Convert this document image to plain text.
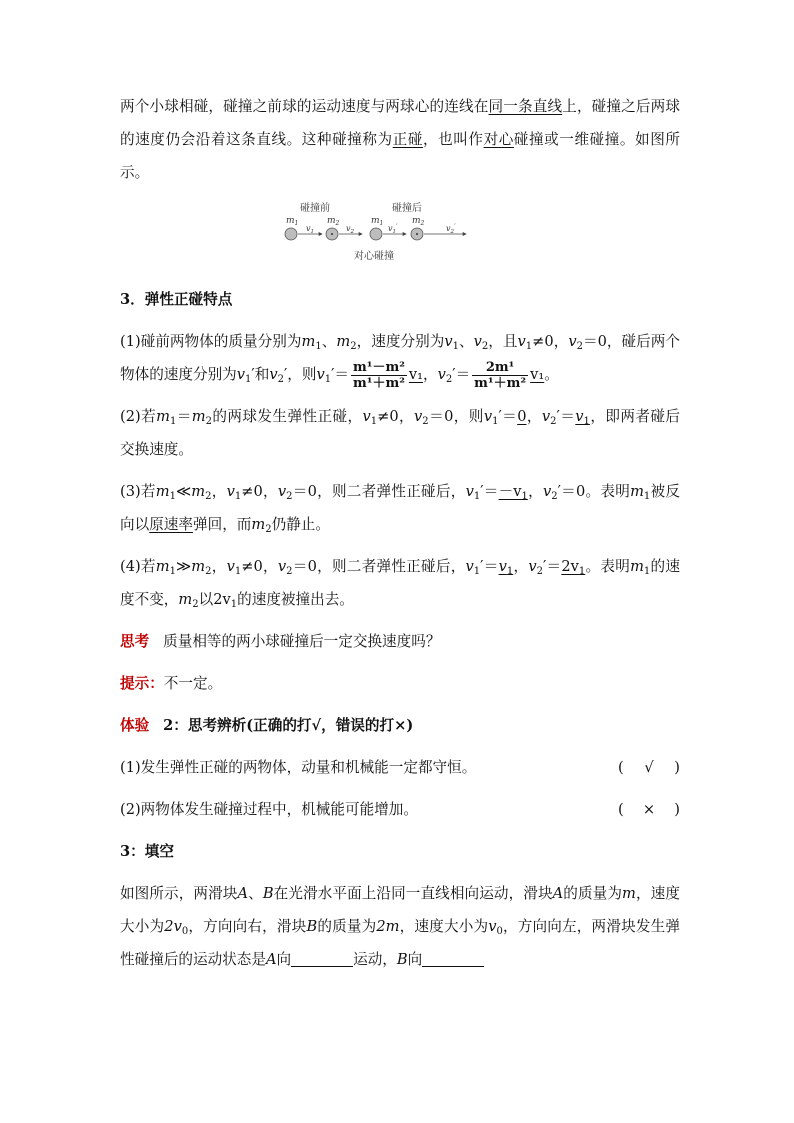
两个小球相碰，碰撞之前球的运动速度与两球心的连线在同一条直线上，碰撞之后两球的速度仍会沿着这条直线。这种碰撞称为正碰，也叫作对心碰撞或一维碰撞。如图所示。

碰撞前	碰撞后
$m_1$	$m_2$	$m_1$	$m_2$
$v_1$	$v_2$	$v_1'$	$v_2'$
对心碰撞

3．弹性正碰特点

(1)碰前两物体的质量分别为$m_1$、$m_2$，速度分别为$v_1$、$v_2$，且$v_1\ne 0$，$v_2=0$，碰后两个物体的速度分别为$v_1'$和$v_2'$，则$v_1'= \frac{\text{m¹－m²}}{\text{m¹＋m²}} v_1$，$v_2'= \frac{\text{2m¹}}{\text{m¹＋m²}} v_1$。

(2)若$m_1=m_2$的两球发生弹性正碰，$v_1\ne 0$，$v_2=0$，则$v_1'=0$，$v_2'=v_1$，即两者碰后交换速度。

(3)若$m_1≪m_2$，$v_1\ne 0$，$v_2=0$，则二者弹性正碰后，$v_1'=-v_1$，$v_2'=0$。表明$m_1$被反向以原速率弹回，而$m_2$仍静止。

(4)若$m_1≫m_2$，$v_1\ne 0$，$v_2=0$，则二者弹性正碰后，$v_1'=v_1$，$v_2'=2v_1$。表明$m_1$的速度不变，$m_2$以$2v_1$的速度被撞出去。

思考 质量相等的两小球碰撞后一定交换速度吗？

提示：不一定。

体验 2：思考辨析(正确的打√，错误的打×)

(1)发生弹性正碰的两物体，动量和机械能一定都守恒。	( √ )
(2)两物体发生碰撞过程中，机械能可能增加。	( × )

3：填空

如图所示，两滑块A、B在光滑水平面上沿同一直线相向运动，滑块A的质量为m，速度大小为$2v_0$，方向向右，滑块B的质量为2m，速度大小为$v_0$，方向向左，两滑块发生弹性碰撞后的运动状态是A向	运动，B向
